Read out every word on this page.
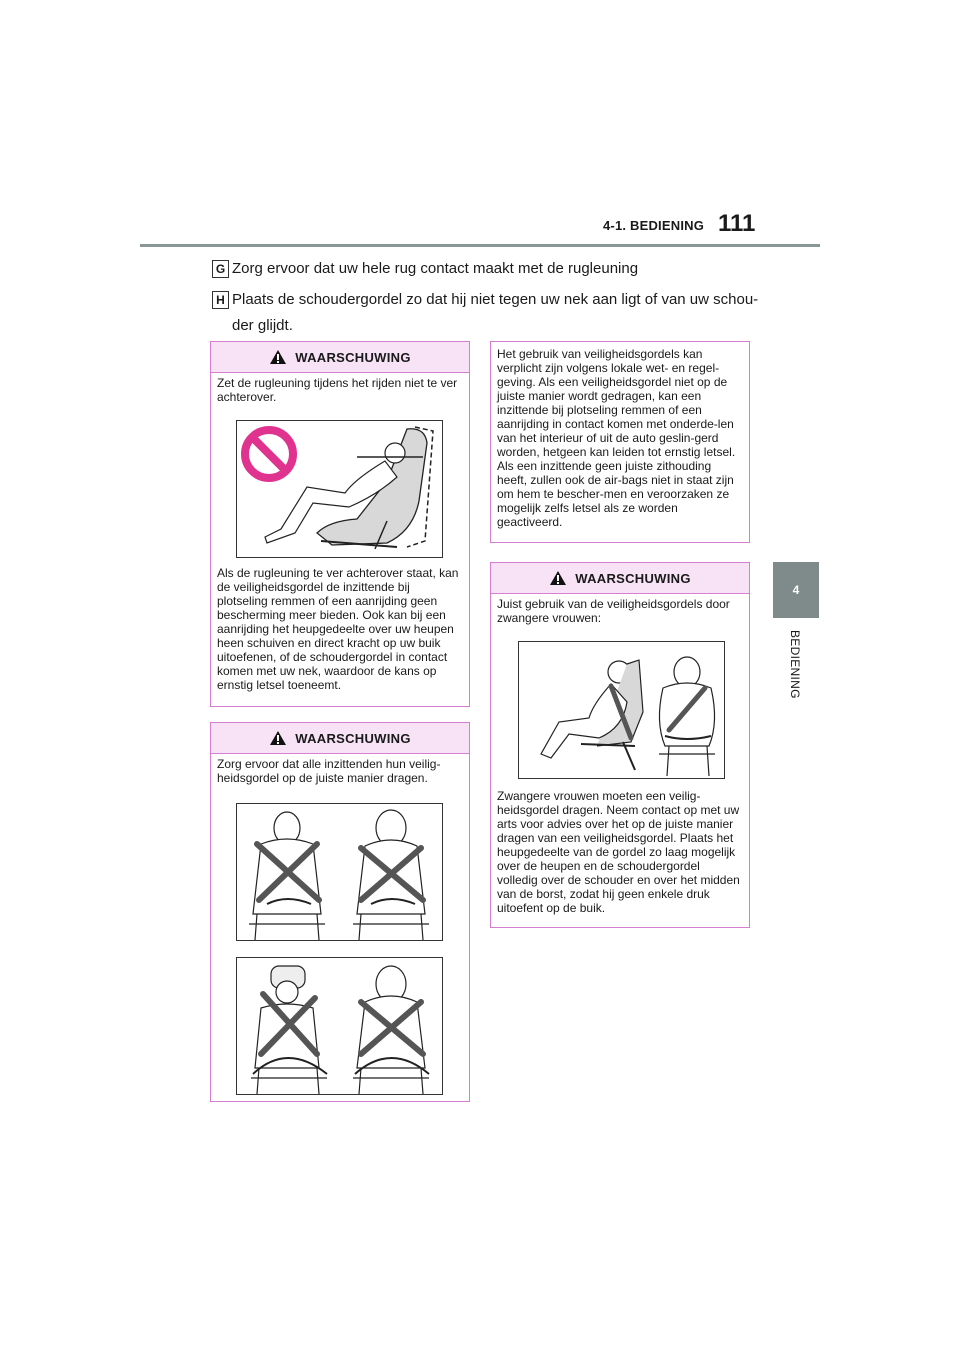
4-1. BEDIENING 111
4
BEDIENING
G Zorg ervoor dat uw hele rug contact maakt met de rugleuning
H Plaats de schoudergordel zo dat hij niet tegen uw nek aan ligt of van uw schou-der glijdt.
WAARSCHUWING
Zet de rugleuning tijdens het rijden niet te ver achterover.
Als de rugleuning te ver achterover staat, kan de veiligheidsgordel de inzittende bij plotseling remmen of een aanrijding geen bescherming meer bieden. Ook kan bij een aanrijding het heupgedeelte over uw heupen heen schuiven en direct kracht op uw buik uitoefenen, of de schoudergordel in contact komen met uw nek, waardoor de kans op ernstig letsel toeneemt.
WAARSCHUWING
Zorg ervoor dat alle inzittenden hun veilig-heidsgordel op de juiste manier dragen.
Het gebruik van veiligheidsgordels kan verplicht zijn volgens lokale wet- en regel-geving. Als een veiligheidsgordel niet op de juiste manier wordt gedragen, kan een inzittende bij plotseling remmen of een aanrijding in contact komen met onderde-len van het interieur of uit de auto geslin-gerd worden, hetgeen kan leiden tot ernstig letsel. Als een inzittende geen juiste zithouding heeft, zullen ook de air-bags niet in staat zijn om hem te bescher-men en veroorzaken ze mogelijk zelfs letsel als ze worden geactiveerd.
WAARSCHUWING
Juist gebruik van de veiligheidsgordels door zwangere vrouwen:
Zwangere vrouwen moeten een veilig-heidsgordel dragen. Neem contact op met uw arts voor advies over het op de juiste manier dragen van een veiligheidsgordel. Plaats het heupgedeelte van de gordel zo laag mogelijk over de heupen en de schoudergordel volledig over de schouder en over het midden van de borst, zodat hij geen enkele druk uitoefent op de buik.
